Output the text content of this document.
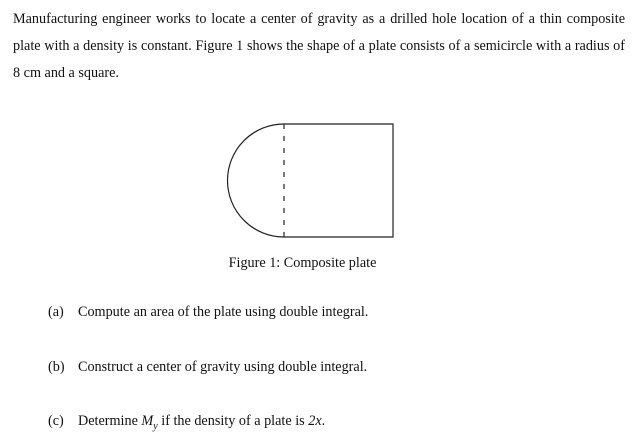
Manufacturing engineer works to locate a center of gravity as a drilled hole location of a thin composite plate with a density is constant. Figure 1 shows the shape of a plate consists of a semicircle with a radius of 8 cm and a square.

Figure 1: Composite plate
(a) Compute an area of the plate using double integral.
(b) Construct a center of gravity using double integral.
(c) Determine $M_y$ if the density of a plate is 2x.
